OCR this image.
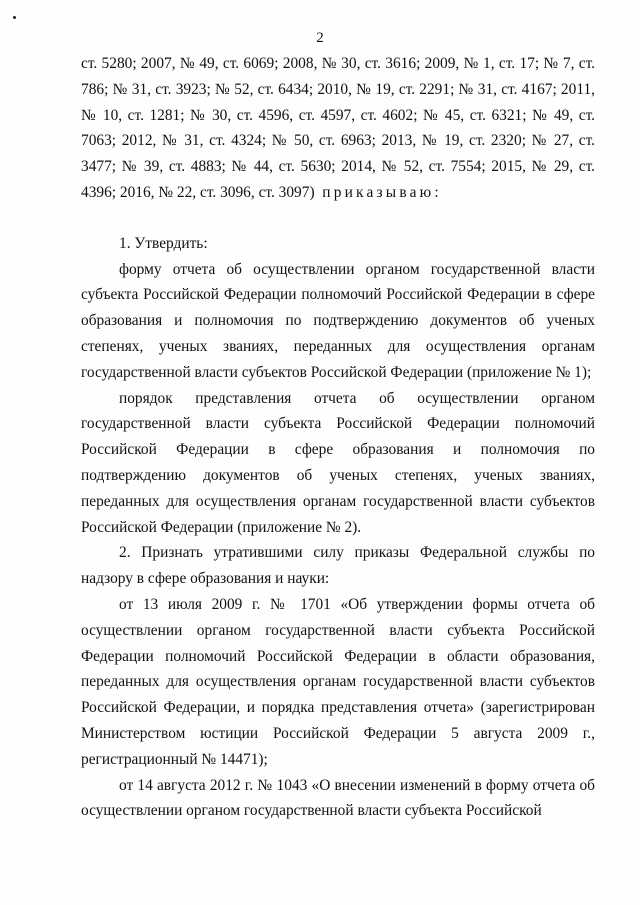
2

ст. 5280; 2007, № 49, ст. 6069; 2008, № 30, ст. 3616; 2009, № 1, ст. 17; № 7, ст. 786; № 31, ст. 3923; № 52, ст. 6434; 2010, № 19, ст. 2291; № 31, ст. 4167; 2011, № 10, ст. 1281; № 30, ст. 4596, ст. 4597, ст. 4602; № 45, ст. 6321; № 49, ст. 7063; 2012, № 31, ст. 4324; № 50, ст. 6963; 2013, № 19, ст. 2320; № 27, ст. 3477; № 39, ст. 4883; № 44, ст. 5630; 2014, № 52, ст. 7554; 2015, № 29, ст. 4396; 2016, № 22, ст. 3096, ст. 3097) приказываю:

1. Утвердить:

форму отчета об осуществлении органом государственной власти субъекта Российской Федерации полномочий Российской Федерации в сфере образования и полномочия по подтверждению документов об ученых степенях, ученых званиях, переданных для осуществления органам государственной власти субъектов Российской Федерации (приложение № 1);

порядок представления отчета об осуществлении органом государственной власти субъекта Российской Федерации полномочий Российской Федерации в сфере образования и полномочия по подтверждению документов об ученых степенях, ученых званиях, переданных для осуществления органам государственной власти субъектов Российской Федерации (приложение № 2).

2. Признать утратившими силу приказы Федеральной службы по надзору в сфере образования и науки:

от 13 июля 2009 г. № 1701 «Об утверждении формы отчета об осуществлении органом государственной власти субъекта Российской Федерации полномочий Российской Федерации в области образования, переданных для осуществления органам государственной власти субъектов Российской Федерации, и порядка представления отчета» (зарегистрирован Министерством юстиции Российской Федерации 5 августа 2009 г., регистрационный № 14471);

от 14 августа 2012 г. № 1043 «О внесении изменений в форму отчета об осуществлении органом государственной власти субъекта Российской
